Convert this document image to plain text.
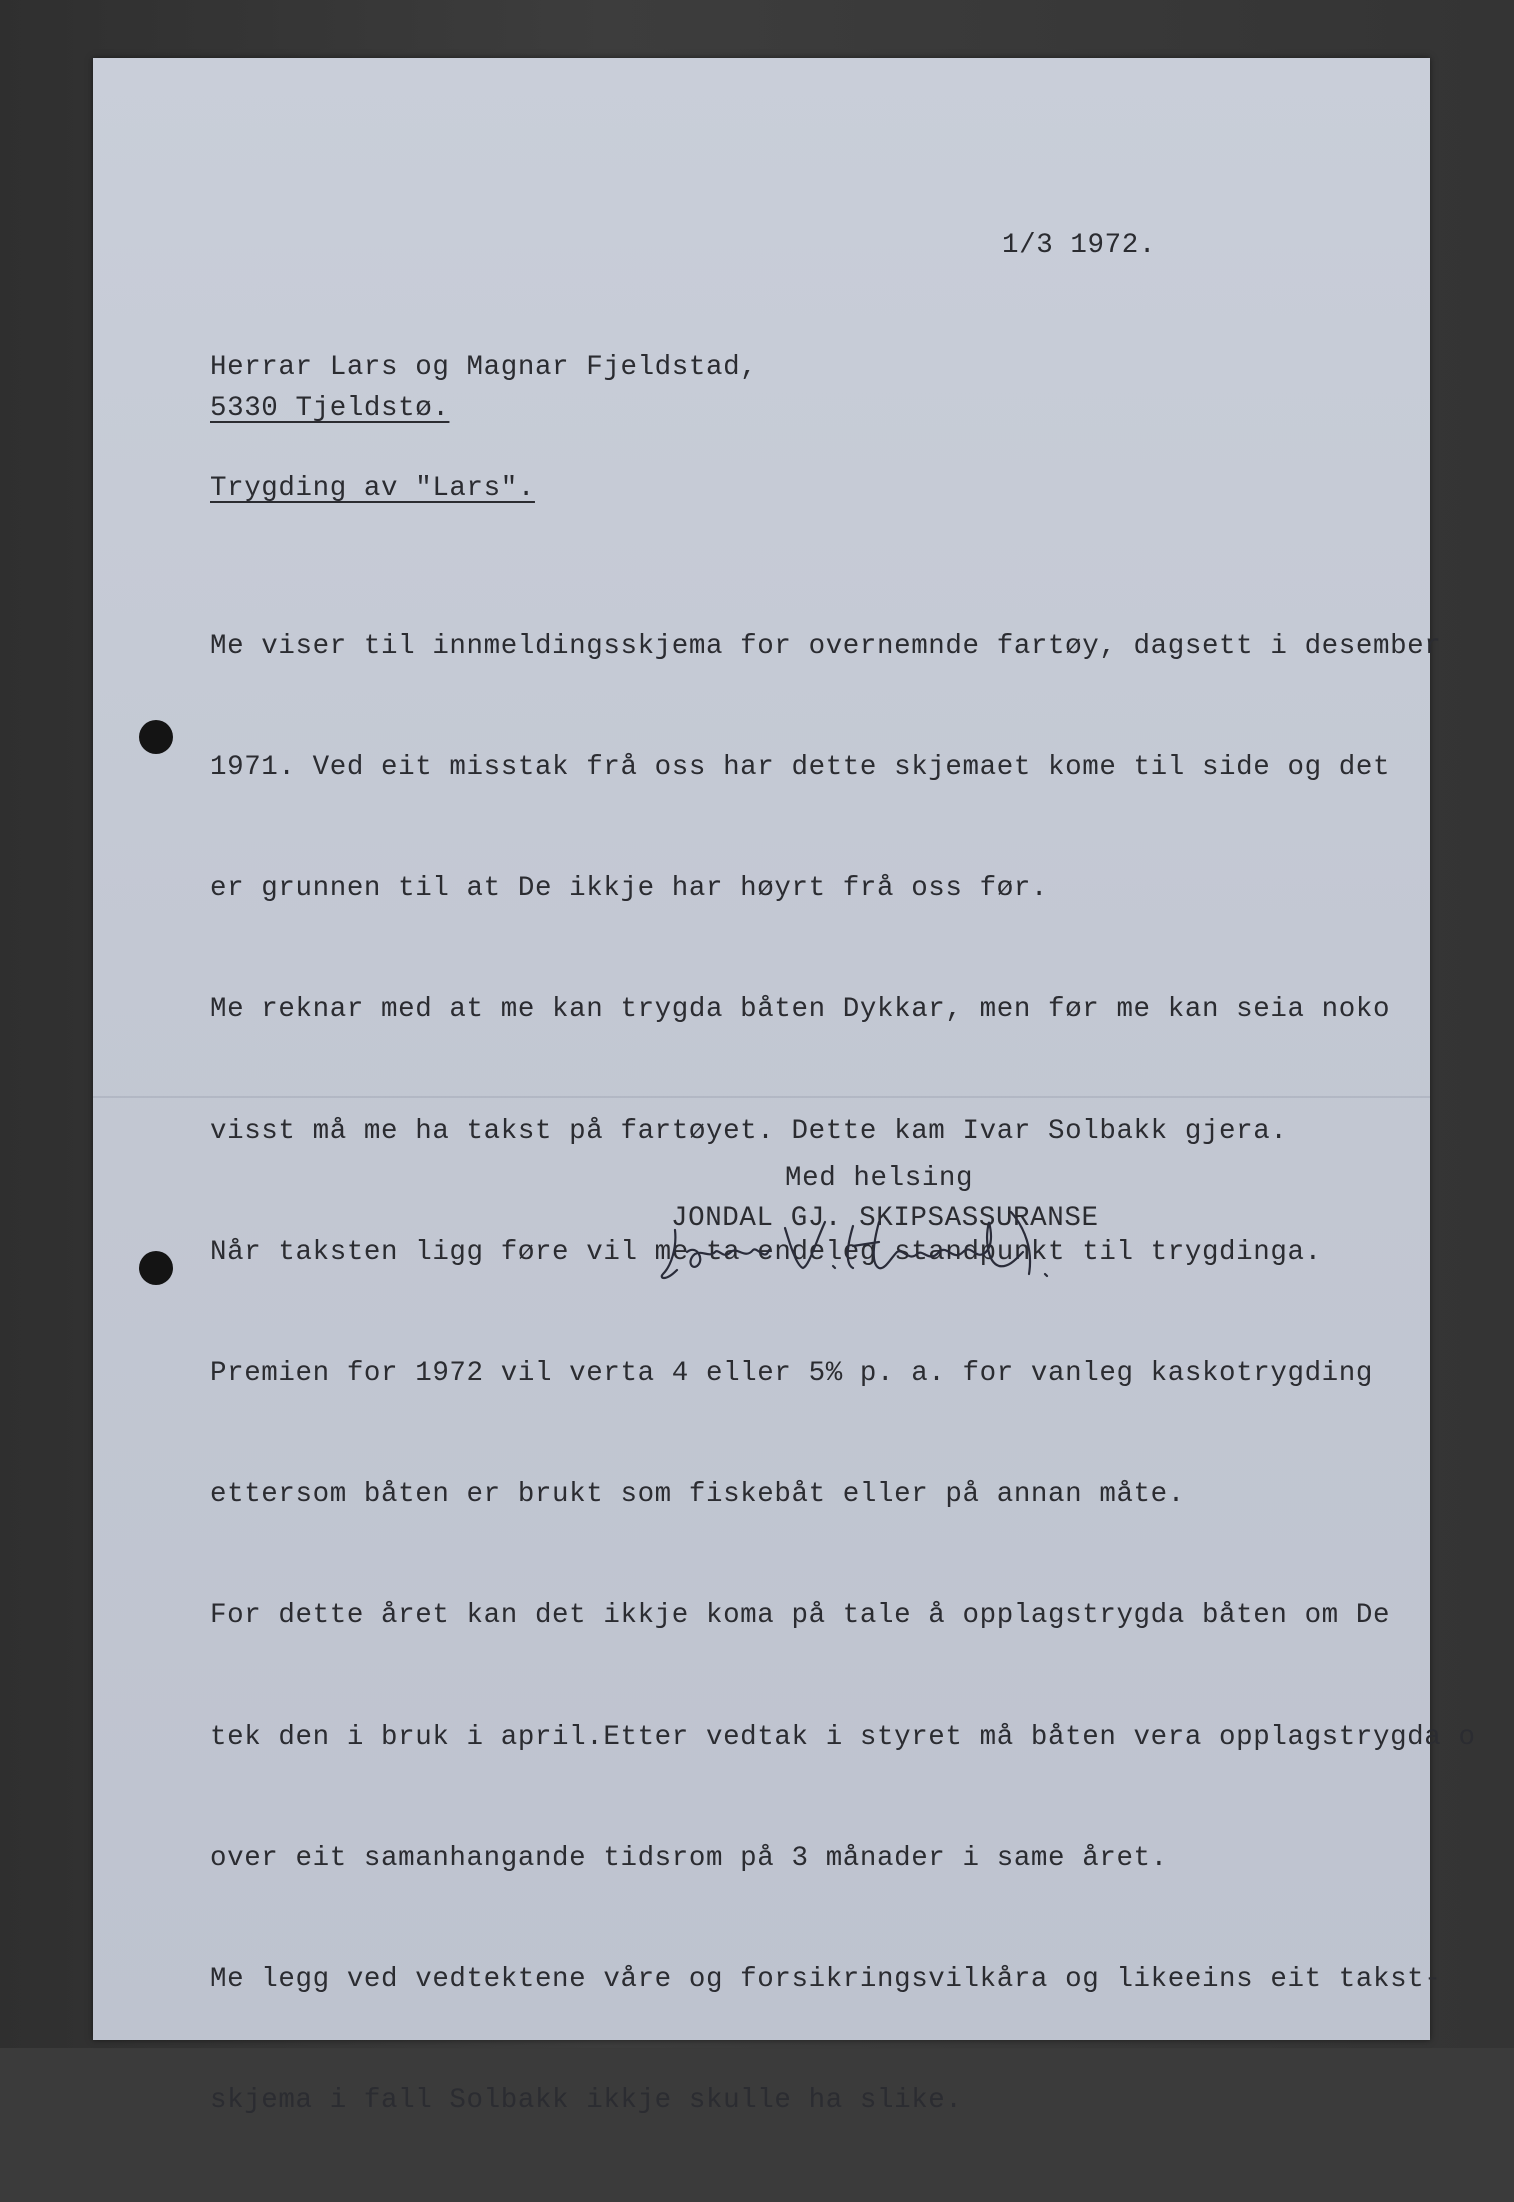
1/3 1972.

Herrar Lars og Magnar Fjeldstad,

5330 Tjeldstø.

Trygding av "Lars".

Me viser til innmeldingsskjema for overnemnde fartøy, dagsett i desember

1971. Ved eit misstak frå oss har dette skjemaet kome til side og det

er grunnen til at De ikkje har høyrt frå oss før.

Me reknar med at me kan trygda båten Dykkar, men før me kan seia noko

visst må me ha takst på fartøyet. Dette kam Ivar Solbakk gjera.

Når taksten ligg føre vil me ta endeleg standpunkt til trygdinga.

Premien for 1972 vil verta 4 eller 5% p. a. for vanleg kaskotrygding

ettersom båten er brukt som fiskebåt eller på annan måte.

For dette året kan det ikkje koma på tale å opplagstrygda båten om De

tek den i bruk i april.Etter vedtak i styret må båten vera opplagstrygda o

over eit samanhangande tidsrom på 3 månader i same året.

Me legg ved vedtektene våre og forsikringsvilkåra og likeeins eit takst-

skjema i fall Solbakk ikkje skulle ha slike.

Med helsing

JONDAL GJ. SKIPSASSURANSE
